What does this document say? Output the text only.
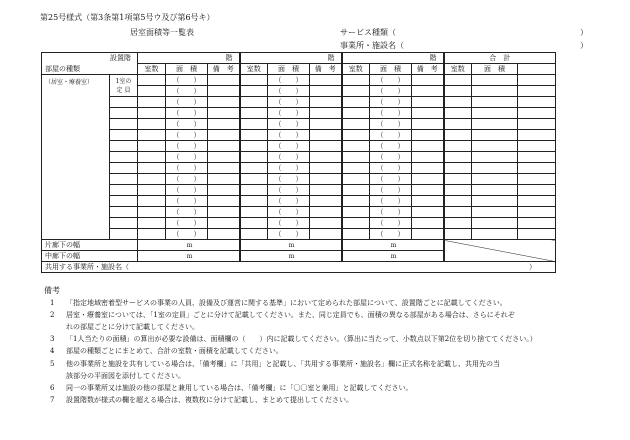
第25号様式（第3条第1項第5号ウ及び第6号キ）
居室面積等一覧表	サービス種類（	）
事業所・施設名（	）
設置階		階			階			階			合　計		
部屋の種類		室数	面　積	備　考	室数	面　積	備　考	室数	面　積	備　考	室数	面　積	
（居室・療養室）	1室の
定 員		（　　）			（　　）			（　　）				
			（　　）			（　　）			（　　）				
			（　　）			（　　）			（　　）				
			（　　）			（　　）			（　　）				
			（　　）			（　　）			（　　）				
			（　　）			（　　）			（　　）				
			（　　）			（　　）			（　　）				
			（　　）			（　　）			（　　）				
			（　　）			（　　）			（　　）				
			（　　）			（　　）			（　　）				
			（　　）			（　　）			（　　）				
			（　　）			（　　）			（　　）				
			（　　）			（　　）			（　　）				
			（　　）			（　　）			（　　）				
			（　　）			（　　）			（　　）				
片廊下の幅		m			m			m					
中廊下の幅		m			m			m					
共用する事業所・施設名（ ）													
備考
1 「指定地域密着型サービスの事業の人員、設備及び運営に関する基準」において定められた部屋について、設置階ごとに記載してください。
2 居室・療養室については、「1室の定員」ごとに分けて記載してください。また、同じ定員でも、面積の異なる部屋がある場合は、さらにそれぞ
れの部屋ごとに分けて記載してください。
3 「1人当たりの面積」の算出が必要な設備は、面積欄の（　　）内に記載してください。（算出に当たって、小数点以下第2位を切り捨ててください。）
4 部屋の種類ごとにまとめて、合計の室数・面積を記載してください。
5 他の事業所と施設を共有している場合は、「備考欄」に「共用」と記載し、「共用する事業所・施設名」欄に正式名称を記載し、共用先の当
該部分の平面図を添付してください。
6 同一の事業所又は施設の他の部屋と兼用している場合は、「備考欄」に「〇〇室と兼用」と記載してください。
7 設置階数が様式の欄を超える場合は、複数枚に分けて記載し、まとめて提出してください。
